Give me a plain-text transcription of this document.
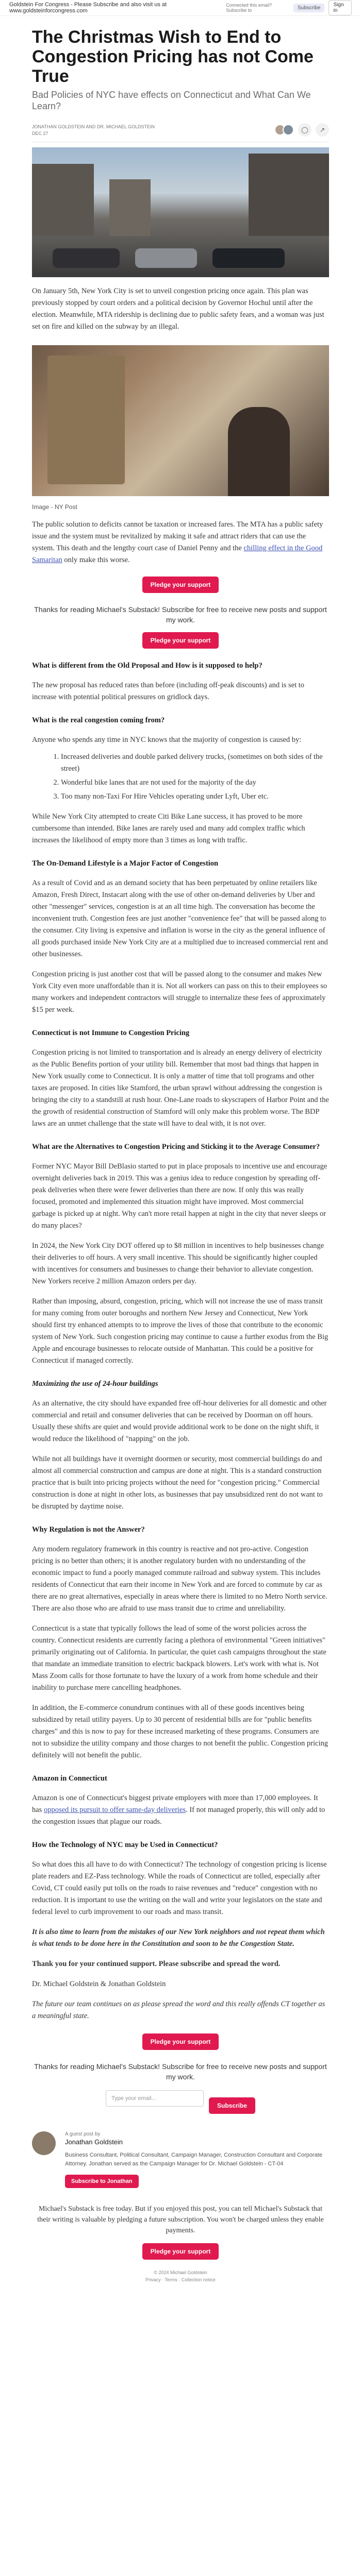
Goldstein For Congress - Please Subscribe and also visit us at www.goldsteinforcongress.com
Connected this email? Subscribe to	Subscribe	Sign in
The Christmas Wish to End to Congestion Pricing has not Come True
Bad Policies of NYC have effects on Connecticut and What Can We Learn?
JONATHAN GOLDSTEIN AND DR. MICHAEL GOLDSTEIN
DEC 27	◯	↗

On January 5th, New York City is set to unveil congestion pricing once again. This plan was previously stopped by court orders and a political decision by Governor Hochul until after the election. Meanwhile, MTA ridership is declining due to public safety fears, and a woman was just set on fire and killed on the subway by an illegal.

Image - NY Post

The public solution to deficits cannot be taxation or increased fares. The MTA has a public safety issue and the system must be revitalized by making it safe and attract riders that can use the system. This death and the lengthy court case of Daniel Penny and the chilling effect in the Good Samaritan only make this worse.

Pledge your support
Thanks for reading Michael's Substack! Subscribe for free to receive new posts and support my work.
Pledge your support
What is different from the Old Proposal and How is it supposed to help?

The new proposal has reduced rates than before (including off-peak discounts) and is set to increase with potential political pressures on gridlock days.

What is the real congestion coming from?

Anyone who spends any time in NYC knows that the majority of congestion is caused by:

1. Increased deliveries and double parked delivery trucks, (sometimes on both sides of the street)
2. Wonderful bike lanes that are not used for the majority of the day
3. Too many non-Taxi For Hire Vehicles operating under Lyft, Uber etc.

While New York City attempted to create Citi Bike Lane success, it has proved to be more cumbersome than intended. Bike lanes are rarely used and many add complex traffic which increases the likelihood of empty more than 3 times as long with traffic.

The On-Demand Lifestyle is a Major Factor of Congestion

As a result of Covid and as an demand society that has been perpetuated by online retailers like Amazon, Fresh Direct, Instacart along with the use of other on-demand deliveries by Uber and other "messenger" services, congestion is at an all time high. The conversation has become the inconvenient truth. Congestion fees are just another "convenience fee" that will be passed along to the consumer. City living is expensive and inflation is worse in the city as the general influence of all goods purchased inside New York City are at a multiplied due to increased commercial rent and other businesses.

Congestion pricing is just another cost that will be passed along to the consumer and makes New York City even more unaffordable than it is. Not all workers can pass on this to their employees so many workers and independent contractors will struggle to internalize these fees of approximately $15 per week.

Connecticut is not Immune to Congestion Pricing

Congestion pricing is not limited to transportation and is already an energy delivery of electricity as the Public Benefits portion of your utility bill. Remember that most bad things that happen in New York usually come to Connecticut. It is only a matter of time that toll programs and other taxes are proposed. In cities like Stamford, the urban sprawl without addressing the congestion is bringing the city to a standstill at rush hour. One-Lane roads to skyscrapers of Harbor Point and the the growth of residential construction of Stamford will only make this problem worse. The BDP laws are an unmet challenge that the state will have to deal with, it is not over.

What are the Alternatives to Congestion Pricing and Sticking it to the Average Consumer?

Former NYC Mayor Bill DeBlasio started to put in place proposals to incentive use and encourage overnight deliveries back in 2019. This was a genius idea to reduce congestion by spreading off-peak deliveries when there were fewer deliveries than there are now. If only this was really focused, promoted and implemented this situation might have improved. Most commercial garbage is picked up at night. Why can't more retail happen at night in the city that never sleeps or do many places?

In 2024, the New York City DOT offered up to $8 million in incentives to help businesses change their deliveries to off hours. A very small incentive. This should be significantly higher coupled with incentives for consumers and businesses to change their behavior to alleviate congestion. New Yorkers receive 2 million Amazon orders per day.

Rather than imposing, absurd, congestion, pricing, which will not increase the use of mass transit for many coming from outer boroughs and northern New Jersey and Connecticut, New York should first try enhanced attempts to to improve the lives of those that contribute to the economic system of New York. Such congestion pricing may continue to cause a further exodus from the Big Apple and encourage businesses to relocate outside of Manhattan. This could be a positive for Connecticut if managed correctly.

Maximizing the use of 24-hour buildings

As an alternative, the city should have expanded free off-hour deliveries for all domestic and other commercial and retail and consumer deliveries that can be received by Doorman on off hours. Usually these shifts are quiet and would provide additional work to be done on the night shift, it would reduce the likelihood of "napping" on the job.

While not all buildings have it overnight doormen or security, most commercial buildings do and almost all commercial construction and campus are done at night. This is a standard construction practice that is built into pricing projects without the need for "congestion pricing." Commercial construction is done at night in other lots, as businesses that pay unsubsidized rent do not want to be disrupted by daytime noise.

Why Regulation is not the Answer?

Any modern regulatory framework in this country is reactive and not pro-active. Congestion pricing is no better than others; it is another regulatory burden with no understanding of the economic impact to fund a poorly managed commute railroad and subway system. This includes residents of Connecticut that earn their income in New York and are forced to commute by car as there are no great alternatives, especially in areas where there is limited to no Metro North service. There are also those who are afraid to use mass transit due to crime and unreliability.

Connecticut is a state that typically follows the lead of some of the worst policies across the country. Connecticut residents are currently facing a plethora of environmental "Green initiatives" primarily originating out of California. In particular, the quiet cash campaigns throughout the state that mandate an immediate transition to electric backpack blowers. Let's work with what is. Not Mass Zoom calls for those fortunate to have the luxury of a work from home schedule and their inability to purchase mere cancelling headphones.

In addition, the E-commerce conundrum continues with all of these goods incentives being subsidized by retail utility payers. Up to 30 percent of residential bills are for "public benefits charges" and this is now to pay for these increased marketing of these programs. Consumers are not to subsidize the utility company and those charges to not benefit the public. Congestion pricing definitely will not benefit the public.

Amazon in Connecticut

Amazon is one of Connecticut's biggest private employers with more than 17,000 employees. It has opposed its pursuit to offer same-day deliveries. If not managed properly, this will only add to the congestion issues that plague our roads.

How the Technology of NYC may be Used in Connecticut?

So what does this all have to do with Connecticut? The technology of congestion pricing is license plate readers and EZ-Pass technology. While the roads of Connecticut are tolled, especially after Covid, CT could easily put tolls on the roads to raise revenues and "reduce" congestion with no reduction. It is important to use the writing on the wall and write your legislators on the state and federal level to curb improvement to our roads and mass transit.

It is also time to learn from the mistakes of our New York neighbors and not repeat them which is what tends to be done here in the Constitution and soon to be the Congestion State.

Thank you for your continued support. Please subscribe and spread the word.

Dr. Michael Goldstein & Jonathan Goldstein

The future our team continues on as please spread the word and this really offends CT together as a meaningful state.

Pledge your support
Thanks for reading Michael's Substack! Subscribe for free to receive new posts and support my work.
Type your email...
Subscribe
A guest post by
Jonathan Goldstein
Business Consultant, Political Consultant, Campaign Manager, Construction Consultant and Corporate Attorney. Jonathan served as the Campaign Manager for Dr. Michael Goldstein - CT-04
Subscribe to Jonathan
Michael's Substack is free today. But if you enjoyed this post, you can tell Michael's Substack that their writing is valuable by pledging a future subscription. You won't be charged unless they enable payments.
Pledge your support
© 2024 Michael Goldstein
Privacy · Terms · Collection notice
